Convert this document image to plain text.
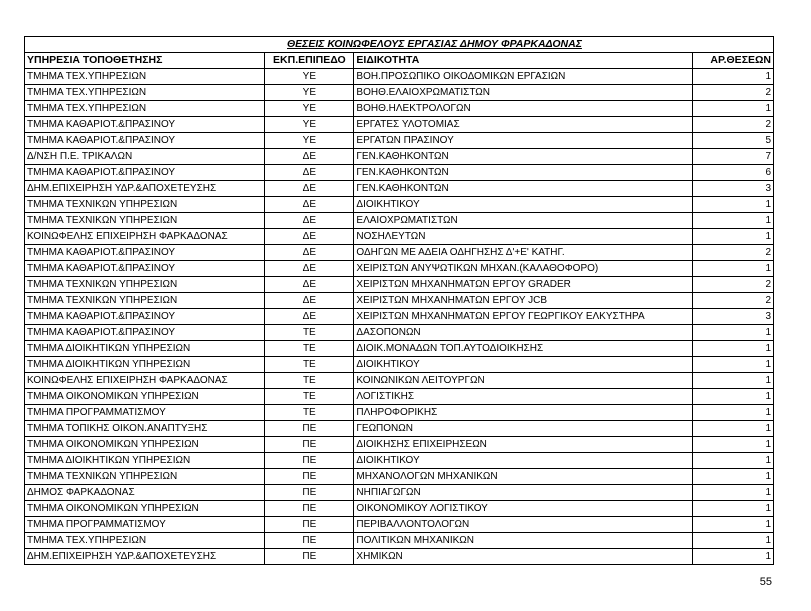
ΘΕΣΕΙΣ ΚΟΙΝΩΦΕΛΟΥΣ ΕΡΓΑΣΙΑΣ ΔΗΜΟΥ ΦΡΑΡΚΑΔΟΝΑΣ			
ΥΠΗΡΕΣΙΑ ΤΟΠΟΘΕΤΗΣΗΣ	ΕΚΠ.ΕΠΙΠΕΔΟ	ΕΙΔΙΚΟΤΗΤΑ	ΑΡ.ΘΕΣΕΩΝ
ΤΜΗΜΑ ΤΕΧ.ΥΠΗΡΕΣΙΩΝ	ΥΕ	ΒΟΗ.ΠΡΟΣΩΠΙΚΟ ΟΙΚΟΔΟΜΙΚΩΝ ΕΡΓΑΣΙΩΝ	1
ΤΜΗΜΑ ΤΕΧ.ΥΠΗΡΕΣΙΩΝ	ΥΕ	ΒΟΗΘ.ΕΛΑΙΟΧΡΩΜΑΤΙΣΤΩΝ	2
ΤΜΗΜΑ ΤΕΧ.ΥΠΗΡΕΣΙΩΝ	ΥΕ	ΒΟΗΘ.ΗΛΕΚΤΡΟΛΟΓΩΝ	1
ΤΜΗΜΑ ΚΑΘΑΡΙΟΤ.&ΠΡΑΣΙΝΟΥ	ΥΕ	ΕΡΓΑΤΕΣ ΥΛΟΤΟΜΙΑΣ	2
ΤΜΗΜΑ ΚΑΘΑΡΙΟΤ.&ΠΡΑΣΙΝΟΥ	ΥΕ	ΕΡΓΑΤΩΝ ΠΡΑΣΙΝΟΥ	5
Δ/ΝΣΗ Π.Ε. ΤΡΙΚΑΛΩΝ	ΔΕ	ΓΕΝ.ΚΑΘΗΚΟΝΤΩΝ	7
ΤΜΗΜΑ ΚΑΘΑΡΙΟΤ.&ΠΡΑΣΙΝΟΥ	ΔΕ	ΓΕΝ.ΚΑΘΗΚΟΝΤΩΝ	6
ΔΗΜ.ΕΠΙΧΕΙΡΗΣΗ ΥΔΡ.&ΑΠΟΧΕΤΕΥΣΗΣ	ΔΕ	ΓΕΝ.ΚΑΘΗΚΟΝΤΩΝ	3
ΤΜΗΜΑ ΤΕΧΝΙΚΩΝ ΥΠΗΡΕΣΙΩΝ	ΔΕ	ΔΙΟΙΚΗΤΙΚΟΥ	1
ΤΜΗΜΑ ΤΕΧΝΙΚΩΝ ΥΠΗΡΕΣΙΩΝ	ΔΕ	ΕΛΑΙΟΧΡΩΜΑΤΙΣΤΩΝ	1
ΚΟΙΝΩΦΕΛΗΣ ΕΠΙΧΕΙΡΗΣΗ ΦΑΡΚΑΔΟΝΑΣ	ΔΕ	ΝΟΣΗΛΕΥΤΩΝ	1
ΤΜΗΜΑ ΚΑΘΑΡΙΟΤ.&ΠΡΑΣΙΝΟΥ	ΔΕ	ΟΔΗΓΩΝ ΜΕ ΑΔΕΙΑ ΟΔΗΓΗΣΗΣ Δ'+Ε' ΚΑΤΗΓ.	2
ΤΜΗΜΑ ΚΑΘΑΡΙΟΤ.&ΠΡΑΣΙΝΟΥ	ΔΕ	ΧΕΙΡΙΣΤΩΝ ΑΝΥΨΩΤΙΚΩΝ ΜΗΧΑΝ.(ΚΑΛΑΘΟΦΟΡΟ)	1
ΤΜΗΜΑ ΤΕΧΝΙΚΩΝ ΥΠΗΡΕΣΙΩΝ	ΔΕ	ΧΕΙΡΙΣΤΩΝ ΜΗΧΑΝΗΜΑΤΩΝ ΕΡΓΟΥ GRADER	2
ΤΜΗΜΑ ΤΕΧΝΙΚΩΝ ΥΠΗΡΕΣΙΩΝ	ΔΕ	ΧΕΙΡΙΣΤΩΝ ΜΗΧΑΝΗΜΑΤΩΝ ΕΡΓΟΥ JCB	2
ΤΜΗΜΑ ΚΑΘΑΡΙΟΤ.&ΠΡΑΣΙΝΟΥ	ΔΕ	ΧΕΙΡΙΣΤΩΝ ΜΗΧΑΝΗΜΑΤΩΝ ΕΡΓΟΥ ΓΕΩΡΓΙΚΟΥ ΕΛΚΥΣΤΗΡΑ	3
ΤΜΗΜΑ ΚΑΘΑΡΙΟΤ.&ΠΡΑΣΙΝΟΥ	ΤΕ	ΔΑΣΟΠΟΝΩΝ	1
ΤΜΗΜΑ ΔΙΟΙΚΗΤΙΚΩΝ ΥΠΗΡΕΣΙΩΝ	ΤΕ	ΔΙΟΙΚ.ΜΟΝΑΔΩΝ ΤΟΠ.ΑΥΤΟΔΙΟΙΚΗΣΗΣ	1
ΤΜΗΜΑ ΔΙΟΙΚΗΤΙΚΩΝ ΥΠΗΡΕΣΙΩΝ	ΤΕ	ΔΙΟΙΚΗΤΙΚΟΥ	1
ΚΟΙΝΩΦΕΛΗΣ ΕΠΙΧΕΙΡΗΣΗ ΦΑΡΚΑΔΟΝΑΣ	ΤΕ	ΚΟΙΝΩΝΙΚΩΝ ΛΕΙΤΟΥΡΓΩΝ	1
ΤΜΗΜΑ ΟΙΚΟΝΟΜΙΚΩΝ ΥΠΗΡΕΣΙΩΝ	ΤΕ	ΛΟΓΙΣΤΙΚΗΣ	1
ΤΜΗΜΑ ΠΡΟΓΡΑΜΜΑΤΙΣΜΟΥ	ΤΕ	ΠΛΗΡΟΦΟΡΙΚΗΣ	1
ΤΜΗΜΑ ΤΟΠΙΚΗΣ ΟΙΚΟΝ.ΑΝΑΠΤΥΞΗΣ	ΠΕ	ΓΕΩΠΟΝΩΝ	1
ΤΜΗΜΑ ΟΙΚΟΝΟΜΙΚΩΝ ΥΠΗΡΕΣΙΩΝ	ΠΕ	ΔΙΟΙΚΗΣΗΣ ΕΠΙΧΕΙΡΗΣΕΩΝ	1
ΤΜΗΜΑ ΔΙΟΙΚΗΤΙΚΩΝ ΥΠΗΡΕΣΙΩΝ	ΠΕ	ΔΙΟΙΚΗΤΙΚΟΥ	1
ΤΜΗΜΑ ΤΕΧΝΙΚΩΝ ΥΠΗΡΕΣΙΩΝ	ΠΕ	ΜΗΧΑΝΟΛΟΓΩΝ ΜΗΧΑΝΙΚΩΝ	1
ΔΗΜΟΣ ΦΑΡΚΑΔΟΝΑΣ	ΠΕ	ΝΗΠΙΑΓΩΓΩΝ	1
ΤΜΗΜΑ ΟΙΚΟΝΟΜΙΚΩΝ ΥΠΗΡΕΣΙΩΝ	ΠΕ	ΟΙΚΟΝΟΜΙΚΟΥ ΛΟΓΙΣΤΙΚΟΥ	1
ΤΜΗΜΑ ΠΡΟΓΡΑΜΜΑΤΙΣΜΟΥ	ΠΕ	ΠΕΡΙΒΑΛΛΟΝΤΟΛΟΓΩΝ	1
ΤΜΗΜΑ ΤΕΧ.ΥΠΗΡΕΣΙΩΝ	ΠΕ	ΠΟΛΙΤΙΚΩΝ ΜΗΧΑΝΙΚΩΝ	1
ΔΗΜ.ΕΠΙΧΕΙΡΗΣΗ ΥΔΡ.&ΑΠΟΧΕΤΕΥΣΗΣ	ΠΕ	ΧΗΜΙΚΩΝ	1
55
